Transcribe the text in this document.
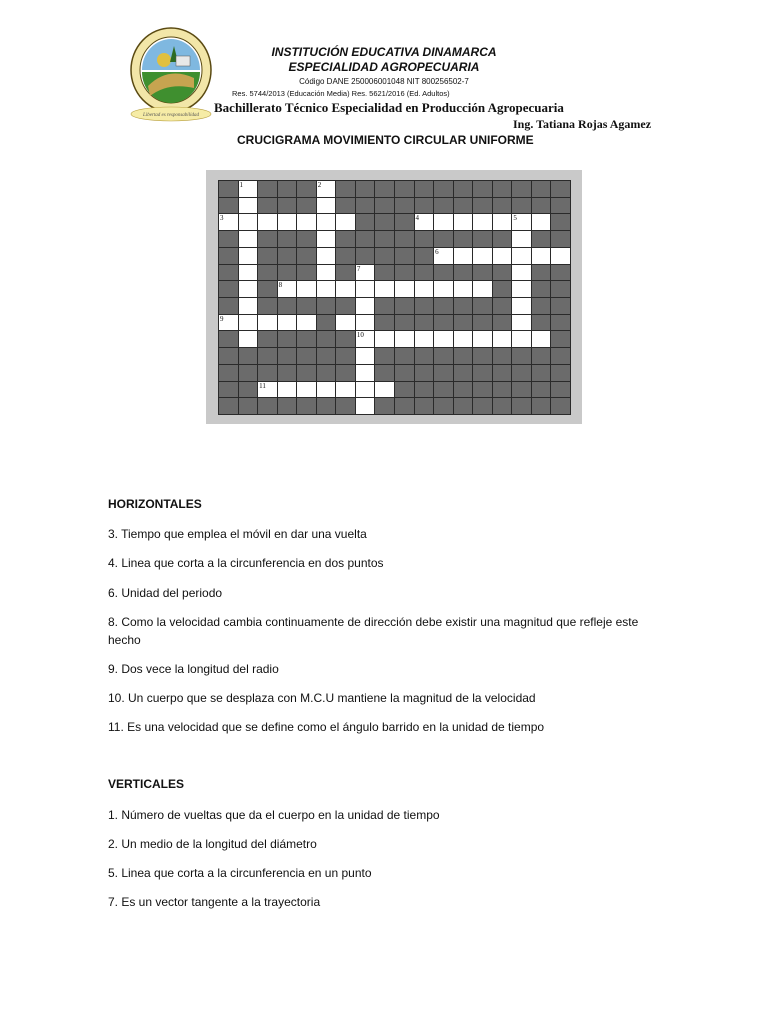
Libertad es responsabilidad
INSTITUCIÓN EDUCATIVA DINAMARCA
ESPECIALIDAD AGROPECUARIA
Código DANE 250006001048 NIT 800256502-7
Res. 5744/2013 (Educación Media) Res. 5621/2016 (Ed. Adultos)
Bachillerato Técnico Especialidad en Producción Agropecuaria
Ing. Tatiana Rojas Agamez
CRUCIGRAMA MOVIMIENTO CIRCULAR UNIFORME
1	2
3	4	5
6
7
8
9
10
11
HORIZONTALES
3. Tiempo que emplea el móvil en dar una vuelta
4. Linea que corta a la circunferencia en dos puntos
6. Unidad del periodo
8. Como la velocidad cambia continuamente de dirección debe existir una magnitud que refleje este hecho
9. Dos vece la longitud del radio
10. Un cuerpo que se desplaza con M.C.U mantiene la magnitud de la velocidad
11. Es una velocidad que se define como el ángulo barrido en la unidad de tiempo
VERTICALES
1. Número de vueltas que da el cuerpo en la unidad de tiempo
2. Un medio de la longitud del diámetro
5. Linea que corta a la circunferencia en un punto
7. Es un vector tangente a la trayectoria
